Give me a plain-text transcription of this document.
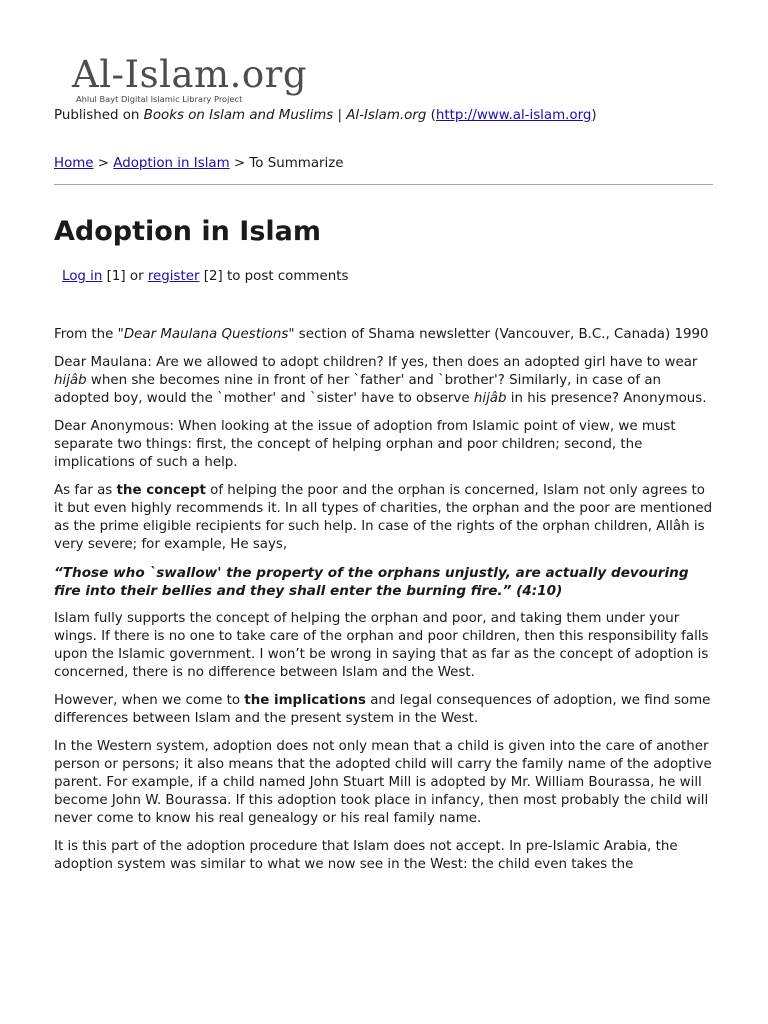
Al-Islam.org
Ahlul Bayt Digital Islamic Library Project
Published on Books on Islam and Muslims | Al-Islam.org (http://www.al-islam.org)
Home > Adoption in Islam > To Summarize
Adoption in Islam
Log in [1] or register [2] to post comments

From the "Dear Maulana Questions" section of Shama newsletter (Vancouver, B.C., Canada) 1990

Dear Maulana: Are we allowed to adopt children? If yes, then does an adopted girl have to wear hijâb when she becomes nine in front of her `father' and `brother'? Similarly, in case of an adopted boy, would the `mother' and `sister' have to observe hijâb in his presence? Anonymous.

Dear Anonymous: When looking at the issue of adoption from Islamic point of view, we must separate two things: first, the concept of helping orphan and poor children; second, the implications of such a help.

As far as the concept of helping the poor and the orphan is concerned, Islam not only agrees to it but even highly recommends it. In all types of charities, the orphan and the poor are mentioned as the prime eligible recipients for such help. In case of the rights of the orphan children, Allâh is very severe; for example, He says,

“Those who `swallow' the property of the orphans unjustly, are actually devouring fire into their bellies and they shall enter the burning fire.” (4:10)

Islam fully supports the concept of helping the orphan and poor, and taking them under your wings. If there is no one to take care of the orphan and poor children, then this responsibility falls upon the Islamic government. I won’t be wrong in saying that as far as the concept of adoption is concerned, there is no difference between Islam and the West.

However, when we come to the implications and legal consequences of adoption, we find some differences between Islam and the present system in the West.

In the Western system, adoption does not only mean that a child is given into the care of another person or persons; it also means that the adopted child will carry the family name of the adoptive parent. For example, if a child named John Stuart Mill is adopted by Mr. William Bourassa, he will become John W. Bourassa. If this adoption took place in infancy, then most probably the child will never come to know his real genealogy or his real family name.

It is this part of the adoption procedure that Islam does not accept. In pre-Islamic Arabia, the adoption system was similar to what we now see in the West: the child even takes the
